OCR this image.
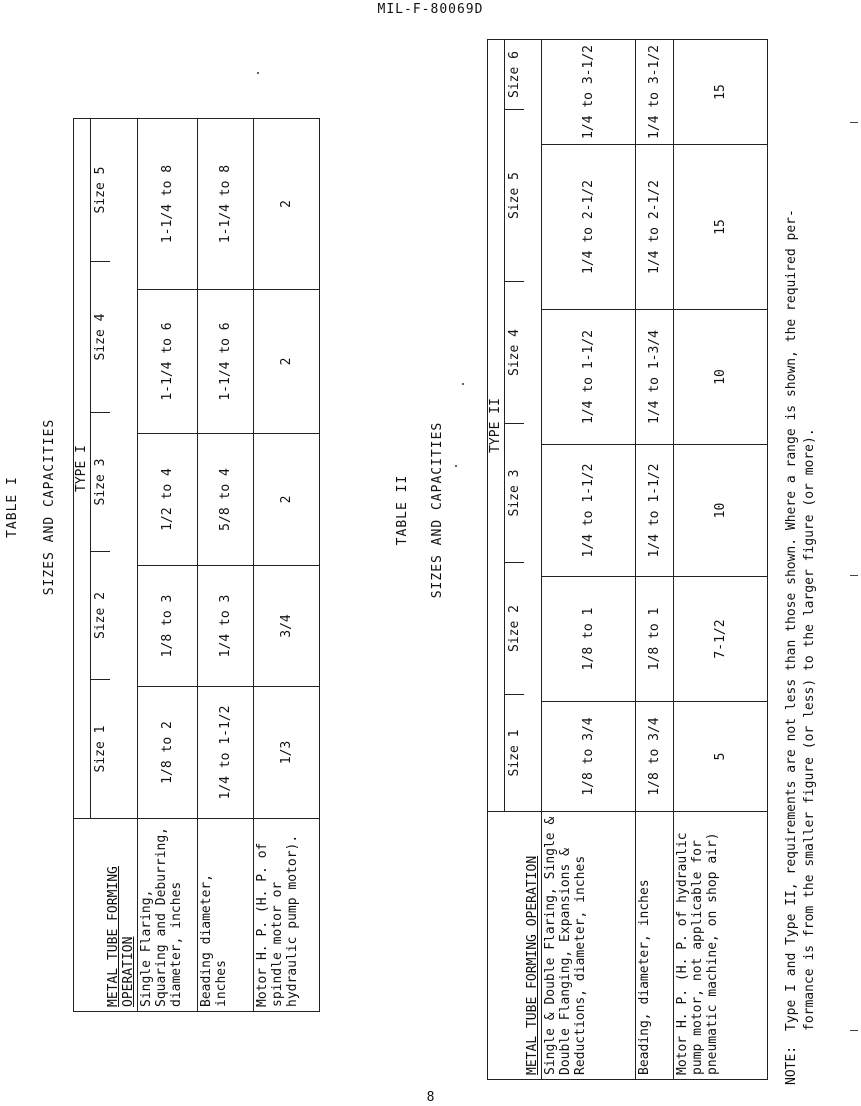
MIL-F-80069D
TABLE I SIZES AND CAPACITIES
METAL TUBE FORMING OPERATION	
TYPE I
Size 1	Size 2	Size 3	Size 4	Size 5

Single Flaring, Squaring and Deburring, diameter, inches	1/8 to 2	1/8 to 3	1/2 to 4	1-1/4 to 6	1-1/4 to 8
Beading diameter, inches	1/4 to 1-1/2	1/4 to 3	5/8 to 4	1-1/4 to 6	1-1/4 to 8
Motor H. P. (H. P. of spindle motor or hydraulic pump motor).	1/3	3/4	2	2	2
TABLE II SIZES AND CAPACITIES
METAL TUBE FORMING OPERATION	
TYPE II
Size 1	Size 2	Size 3	Size 4	Size 5	Size 6

Single & Double Flaring, Single & Double Flanging, Expansions & Reductions, diameter, inches	1/8 to 3/4	1/8 to 1	1/4 to 1-1/2	1/4 to 1-1/2	1/4 to 2-1/2	1/4 to 3-1/2
Beading, diameter, inches	1/8 to 3/4	1/8 to 1	1/4 to 1-1/2	1/4 to 1-3/4	1/4 to 2-1/2	1/4 to 3-1/2
Motor H. P. (H. P. of hydraulic pump motor, not applicable for pneumatic machine, on shop air)	5	7-1/2	10	10	15	15
NOTE:Type I and Type II, requirements are not less than those shown. Where a range is shown, the required per- formance is from the smaller figure (or less) to the larger figure (or more).
8
